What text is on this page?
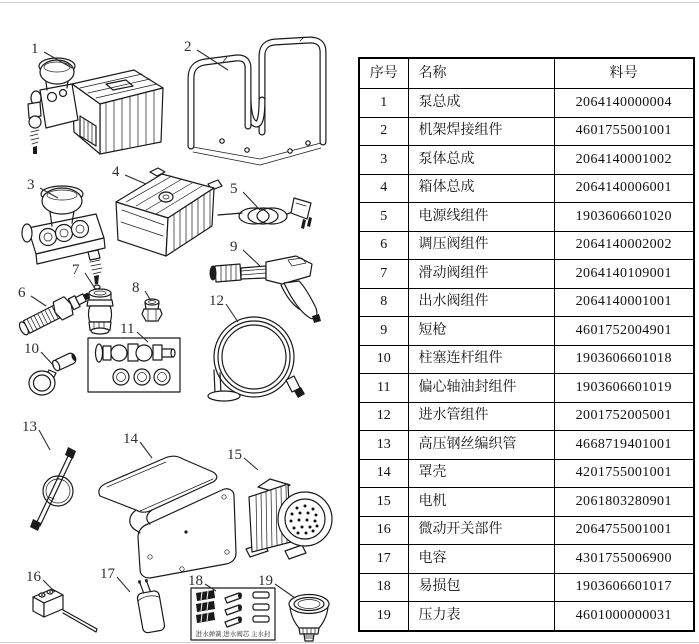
进水弹簧 进水阀芯 主水封
1	2
3
4
5
6
7
8
9
10
11
12
13
14
15
16	17	18	19
序号	名称	料号
1	泵总成	2064140000004
2	机架焊接组件	4601755001001
3	泵体总成	2064140001002
4	箱体总成	2064140006001
5	电源线组件	1903606601020
6	调压阀组件	2064140002002
7	滑动阀组件	2064140109001
8	出水阀组件	2064140001001
9	短枪	4601752004901
10	柱塞连杆组件	1903606601018
11	偏心轴油封组件	1903606601019
12	进水管组件	2001752005001
13	高压钢丝编织管	4668719401001
14	罩壳	4201755001001
15	电机	2061803280901
16	微动开关部件	2064755001001
17	电容	4301755006900
18	易损包	1903606601017
19	压力表	4601000000031
